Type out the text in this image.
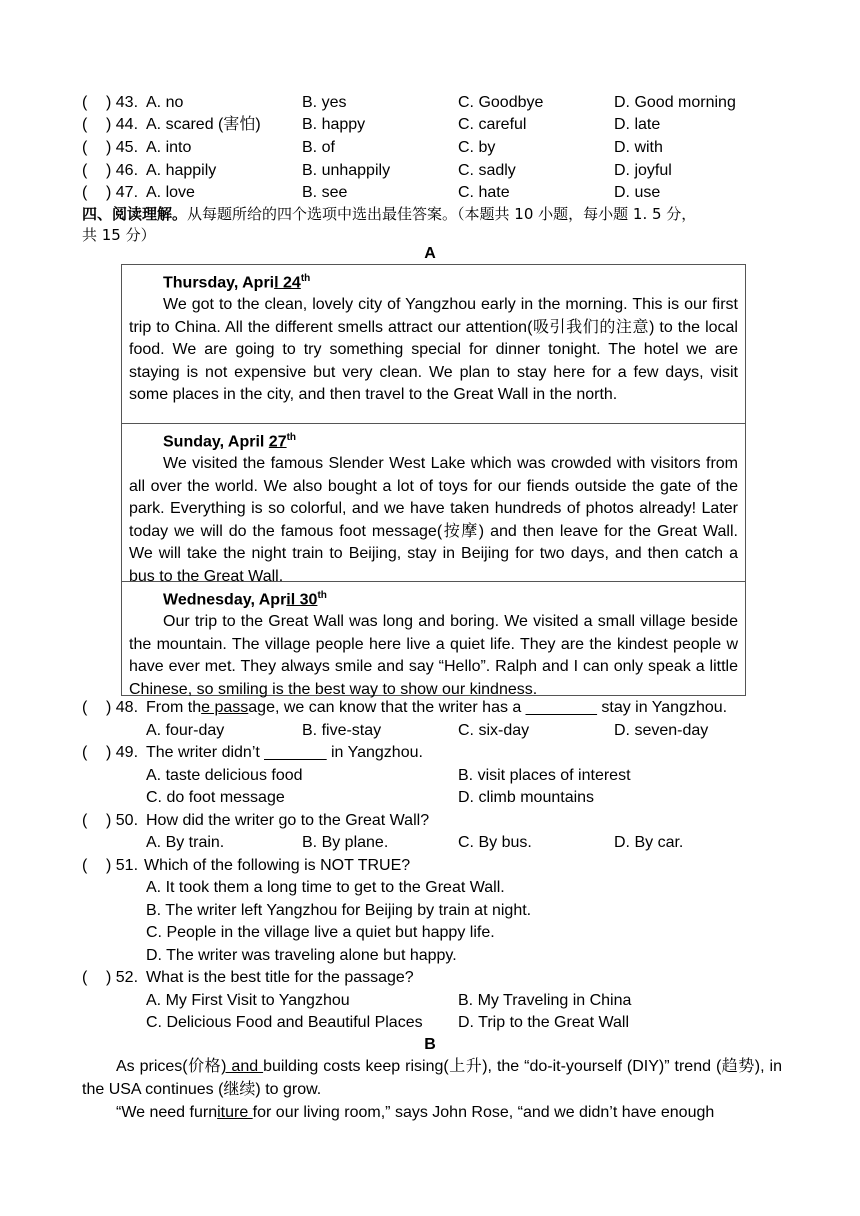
( ) 43. A. no	B. yes	C. Goodbye	D. Good morning
( ) 44. A. scared (害怕)	B. happy	C. careful	D. late
( ) 45. A. into	B. of	C. by	D. with
( ) 46. A. happily	B. unhappily	C. sadly	D. joyful
( ) 47. A. love	B. see	C. hate	D. use
四、阅读理解。从每题所给的四个选项中选出最佳答案。（本题共 10 小题，每小题 1. 5 分，
共 15 分）
A
Thursday, April 24th
We got to the clean, lovely city of Yangzhou early in the morning. This is our first trip to China. All the different smells attract our attention(吸引我们的注意) to the local food. We are going to try something special for dinner tonight. The hotel we are staying is not expensive but very clean. We plan to stay here for a few days, visit some places in the city, and then travel to the Great Wall in the north.
Sunday, April 27th
We visited the famous Slender West Lake which was crowded with visitors from all over the world. We also bought a lot of toys for our fiends outside the gate of the park. Everything is so colorful, and we have taken hundreds of photos already! Later today we will do the famous foot message(按摩) and then leave for the Great Wall. We will take the night train to Beijing, stay in Beijing for two days, and then catch a bus to the Great Wall.
Wednesday, April 30th
Our trip to the Great Wall was long and boring. We visited a small village beside the mountain. The village people here live a quiet life. They are the kindest people w have ever met. They always smile and say “Hello”. Ralph and I can only speak a little Chinese, so smiling is the best way to show our kindness.
( ) 48. From the passage, we can know that the writer has a ________ stay in Yangzhou.
A. four-day	B. five-stay	C. six-day	D. seven-day
( ) 49. The writer didn’t _______ in Yangzhou.
A. taste delicious food	B. visit places of interest
C. do foot message	D. climb mountains
( ) 50. How did the writer go to the Great Wall?
A. By train.	B. By plane.	C. By bus.	D. By car.
( ) 51. Which of the following is NOT TRUE?
A. It took them a long time to get to the Great Wall.
B. The writer left Yangzhou for Beijing by train at night.
C. People in the village live a quiet but happy life.
D. The writer was traveling alone but happy.
( ) 52. What is the best title for the passage?
A. My First Visit to Yangzhou	B. My Traveling in China
C. Delicious Food and Beautiful Places D. Trip to the Great Wall
B
As prices(价格) and building costs keep rising(上升), the “do-it-yourself (DIY)” trend (趋势), in the USA continues (继续) to grow.
“We need furniture for our living room,” says John Rose, “and we didn’t have enough
